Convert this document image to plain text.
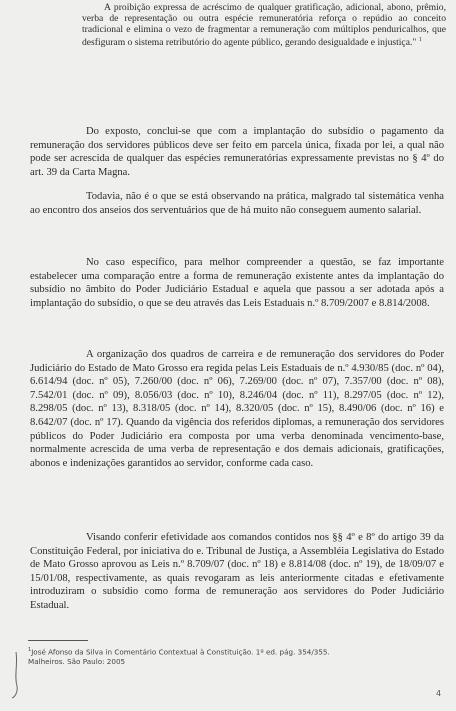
A proibição expressa de acréscimo de qualquer gratificação, adicional, abono, prêmio, verba de representação ou outra espécie remuneratória reforça o repúdio ao conceito tradicional e elimina o vezo de fragmentar a remuneração com múltiplos penduricalhos, que desfiguram o sistema retributório do agente público, gerando desigualdade e injustiça." $^1$

Do exposto, conclui-se que com a implantação do subsídio o pagamento da remuneração dos servidores públicos deve ser feito em parcela única, fixada por lei, a qual não pode ser acrescida de qualquer das espécies remuneratórias expressamente previstas no § 4º do art. 39 da Carta Magna.

Todavia, não é o que se está observando na prática, malgrado tal sistemática venha ao encontro dos anseios dos serventuários que de há muito não conseguem aumento salarial.

No caso específico, para melhor compreender a questão, se faz importante estabelecer uma comparação entre a forma de remuneração existente antes da implantação do subsídio no âmbito do Poder Judiciário Estadual e aquela que passou a ser adotada após a implantação do subsídio, o que se deu através das Leis Estaduais n.º 8.709/2007 e 8.814/2008.

A organização dos quadros de carreira e de remuneração dos servidores do Poder Judiciário do Estado de Mato Grosso era regida pelas Leis Estaduais de n.º 4.930/85 (doc. nº 04), 6.614/94 (doc. nº 05), 7.260/00 (doc. nº 06), 7.269/00 (doc. nº 07), 7.357/00 (doc. nº 08), 7.542/01 (doc. nº 09), 8.056/03 (doc. nº 10), 8.246/04 (doc. nº 11), 8.297/05 (doc. nº 12), 8.298/05 (doc. nº 13), 8.318/05 (doc. nº 14), 8.320/05 (doc. nº 15), 8.490/06 (doc. nº 16) e 8.642/07 (doc. nº 17). Quando da vigência dos referidos diplomas, a remuneração dos servidores públicos do Poder Judiciário era composta por uma verba denominada vencimento-base, normalmente acrescida de uma verba de representação e dos demais adicionais, gratificações, abonos e indenizações garantidos ao servidor, conforme cada caso.

Visando conferir efetividade aos comandos contidos nos §§ 4º e 8º do artigo 39 da Constituição Federal, por iniciativa do e. Tribunal de Justiça, a Assembléia Legislativa do Estado de Mato Grosso aprovou as Leis n.º 8.709/07 (doc. nº 18) e 8.814/08 (doc. nº 19), de 18/09/07 e 15/01/08, respectivamente, as quais revogaram as leis anteriormente citadas e efetivamente introduziram o subsídio como forma de remuneração aos servidores do Poder Judiciário Estadual.

$^1$José Afonso da Silva in Comentário Contextual à Constituição. 1º ed. pág. 354/355. Malheiros. São Paulo: 2005

4
